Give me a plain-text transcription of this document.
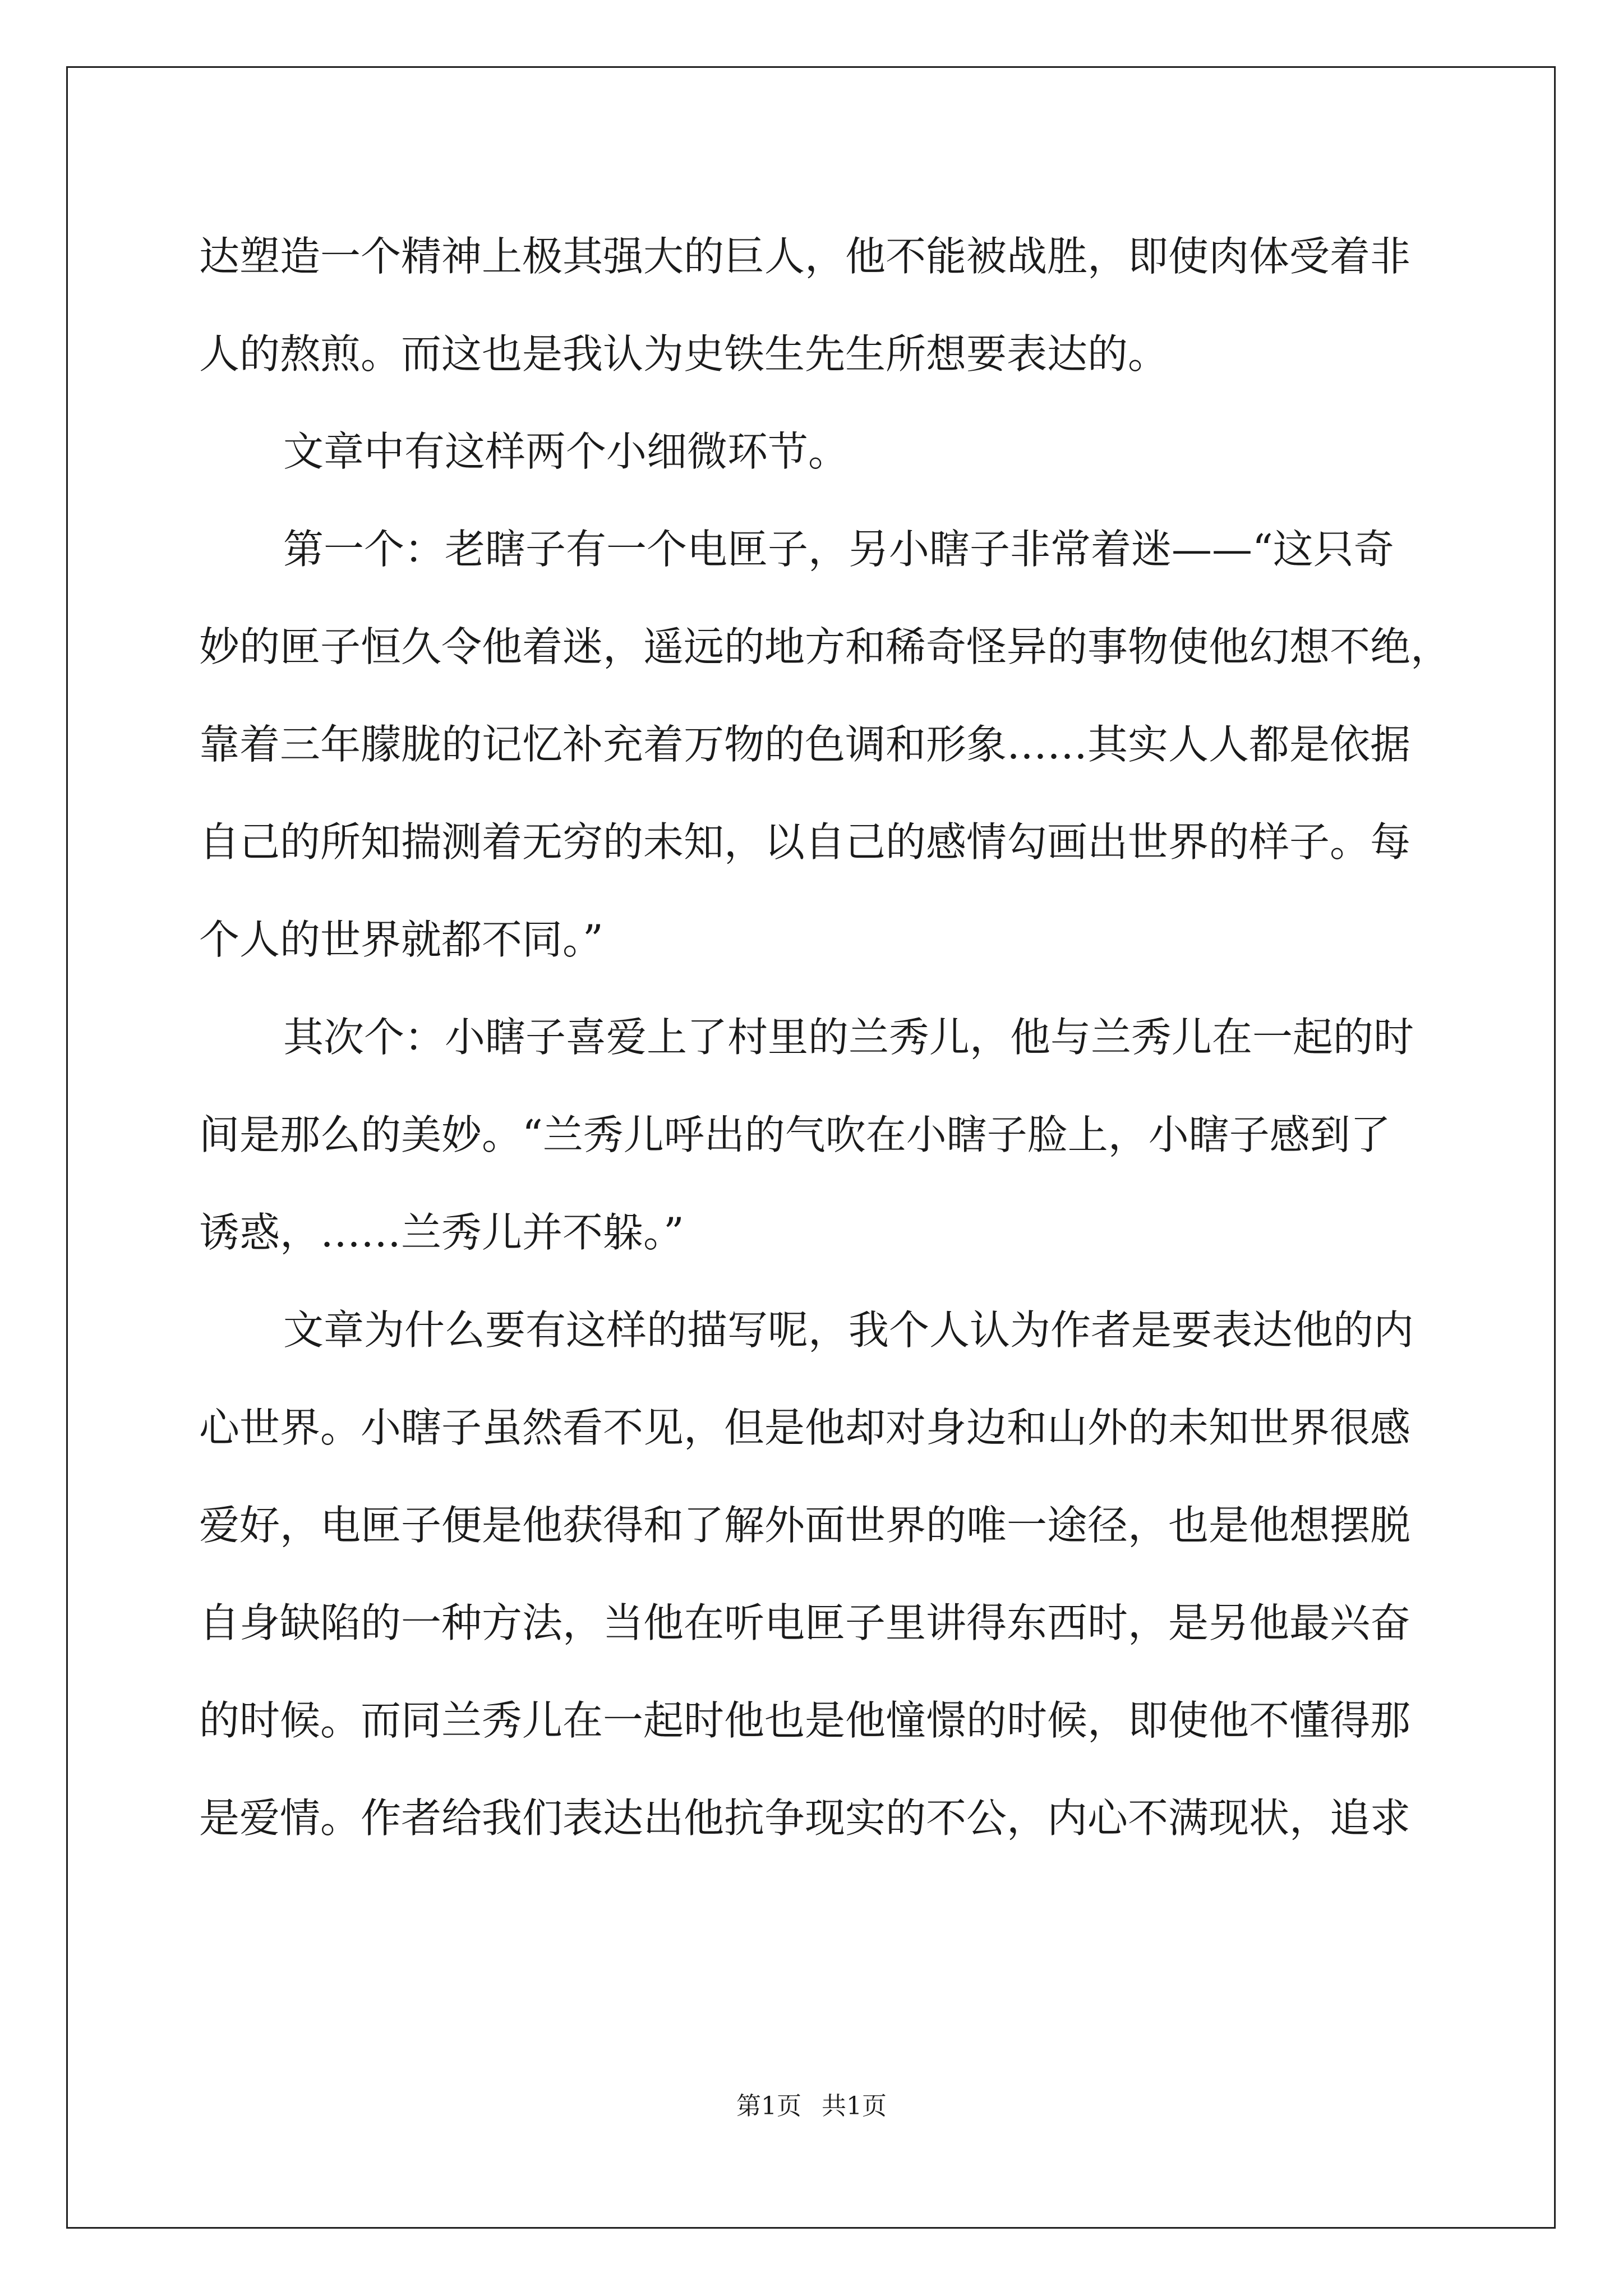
达塑造一个精神上极其强大的巨人，他不能被战胜，即使肉体受着非
人的熬煎。而这也是我认为史铁生先生所想要表达的。
文章中有这样两个小细微环节。
第一个：老瞎子有一个电匣子，另小瞎子非常着迷——“这只奇
妙的匣子恒久令他着迷，遥远的地方和稀奇怪异的事物使他幻想不绝，
靠着三年朦胧的记忆补充着万物的色调和形象……其实人人都是依据
自己的所知揣测着无穷的未知，以自己的感情勾画出世界的样子。每
个人的世界就都不同。”
其次个：小瞎子喜爱上了村里的兰秀儿，他与兰秀儿在一起的时
间是那么的美妙。“兰秀儿呼出的气吹在小瞎子脸上，小瞎子感到了
诱惑，……兰秀儿并不躲。”
文章为什么要有这样的描写呢，我个人认为作者是要表达他的内
心世界。小瞎子虽然看不见，但是他却对身边和山外的未知世界很感
爱好，电匣子便是他获得和了解外面世界的唯一途径，也是他想摆脱
自身缺陷的一种方法，当他在听电匣子里讲得东西时，是另他最兴奋
的时候。而同兰秀儿在一起时他也是他憧憬的时候，即使他不懂得那
是爱情。作者给我们表达出他抗争现实的不公，内心不满现状，追求
第1页 共1页
